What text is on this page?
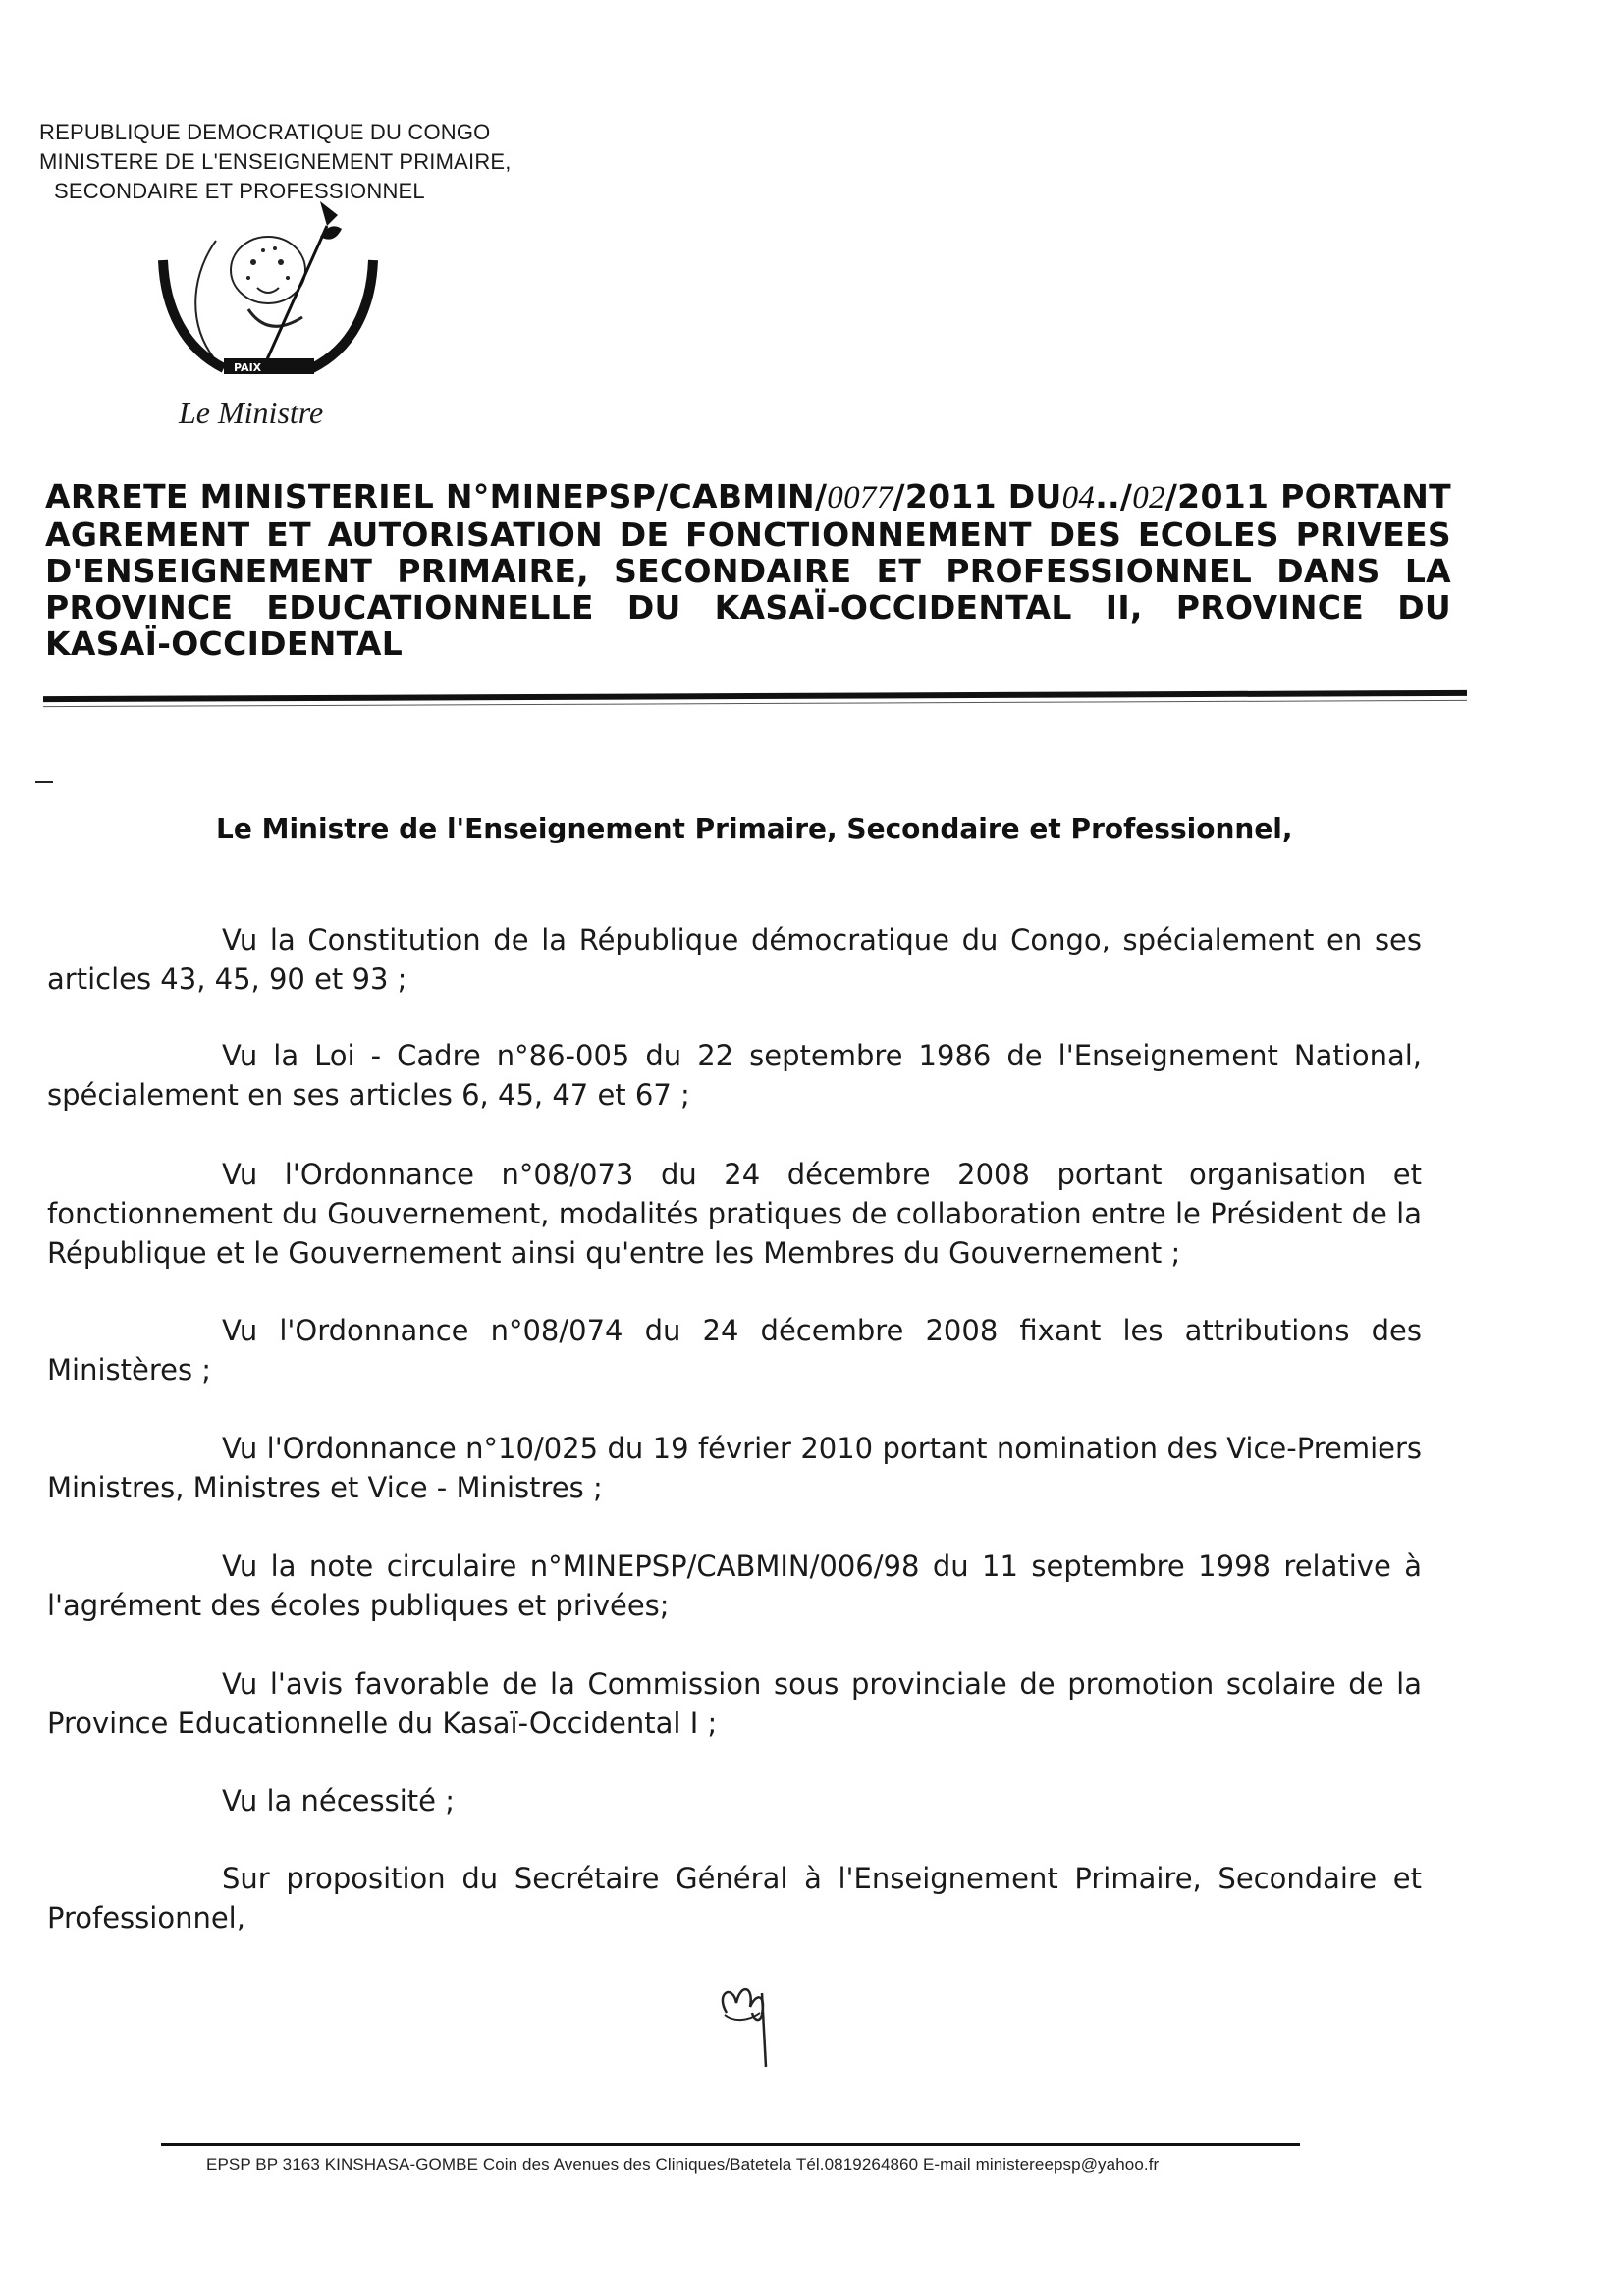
REPUBLIQUE DEMOCRATIQUE DU CONGO
MINISTERE DE L'ENSEIGNEMENT PRIMAIRE,
SECONDAIRE ET PROFESSIONNEL
PAIX
Le Ministre
ARRETE MINISTERIEL N°MINEPSP/CABMIN/0077/2011 DU04../02/2011 PORTANT AGREMENT ET AUTORISATION DE FONCTIONNEMENT DES ECOLES PRIVEES D'ENSEIGNEMENT PRIMAIRE, SECONDAIRE ET PROFESSIONNEL DANS LA PROVINCE EDUCATIONNELLE DU KASAÏ-OCCIDENTAL II, PROVINCE DU KASAÏ-OCCIDENTAL
Le Ministre de l'Enseignement Primaire, Secondaire et Professionnel,
Vu la Constitution de la République démocratique du Congo, spécialement en ses articles 43, 45, 90 et 93 ;
Vu la Loi - Cadre n°86-005 du 22 septembre 1986 de l'Enseignement National, spécialement en ses articles 6, 45, 47 et 67 ;
Vu l'Ordonnance n°08/073 du 24 décembre 2008 portant organisation et fonctionnement du Gouvernement, modalités pratiques de collaboration entre le Président de la République et le Gouvernement ainsi qu'entre les Membres du Gouvernement ;
Vu l'Ordonnance n°08/074 du 24 décembre 2008 fixant les attributions des Ministères ;
Vu l'Ordonnance n°10/025 du 19 février 2010 portant nomination des Vice-Premiers Ministres, Ministres et Vice - Ministres ;
Vu la note circulaire n°MINEPSP/CABMIN/006/98 du 11 septembre 1998 relative à l'agrément des écoles publiques et privées;
Vu l'avis favorable de la Commission sous provinciale de promotion scolaire de la Province Educationnelle du Kasaï-Occidental I ;
Vu la nécessité ;
Sur proposition du Secrétaire Général à l'Enseignement Primaire, Secondaire et Professionnel,
EPSP BP 3163 KINSHASA-GOMBE Coin des Avenues des Cliniques/Batetela Tél.0819264860 E-mail ministereepsp@yahoo.fr
